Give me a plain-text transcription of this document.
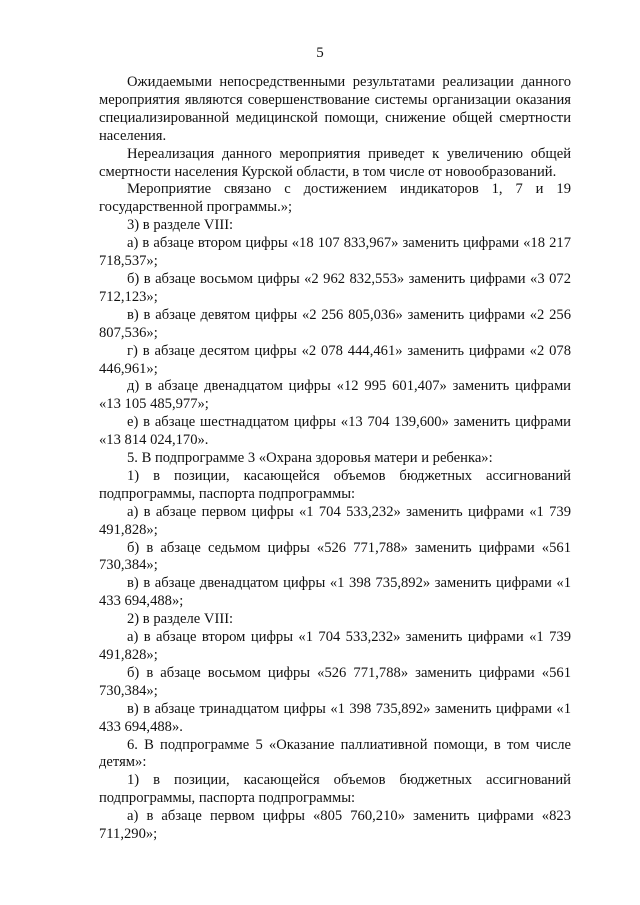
5

Ожидаемыми непосредственными результатами реализации данного мероприятия являются совершенствование системы организации оказания специализированной медицинской помощи, снижение общей смертности населения.

Нереализация данного мероприятия приведет к увеличению общей смертности населения Курской области, в том числе от новообразований.

Мероприятие связано с достижением индикаторов 1, 7 и 19 государственной программы.»;

3) в разделе VIII:

а) в абзаце втором цифры «18 107 833,967» заменить цифрами «18 217 718,537»;

б) в абзаце восьмом цифры «2 962 832,553» заменить цифрами «3 072 712,123»;

в) в абзаце девятом цифры «2 256 805,036» заменить цифрами «2 256 807,536»;

г) в абзаце десятом цифры «2 078 444,461» заменить цифрами «2 078 446,961»;

д) в абзаце двенадцатом цифры «12 995 601,407» заменить цифрами «13 105 485,977»;

е) в абзаце шестнадцатом цифры «13 704 139,600» заменить цифрами «13 814 024,170».

5. В подпрограмме 3 «Охрана здоровья матери и ребенка»:

1) в позиции, касающейся объемов бюджетных ассигнований подпрограммы, паспорта подпрограммы:

а) в абзаце первом цифры «1 704 533,232» заменить цифрами «1 739 491,828»;

б) в абзаце седьмом цифры «526 771,788» заменить цифрами «561 730,384»;

в) в абзаце двенадцатом цифры «1 398 735,892» заменить цифрами «1 433 694,488»;

2) в разделе VIII:

а) в абзаце втором цифры «1 704 533,232» заменить цифрами «1 739 491,828»;

б) в абзаце восьмом цифры «526 771,788» заменить цифрами «561 730,384»;

в) в абзаце тринадцатом цифры «1 398 735,892» заменить цифрами «1 433 694,488».

6. В подпрограмме 5 «Оказание паллиативной помощи, в том числе детям»:

1) в позиции, касающейся объемов бюджетных ассигнований подпрограммы, паспорта подпрограммы:

а) в абзаце первом цифры «805 760,210» заменить цифрами «823 711,290»;
